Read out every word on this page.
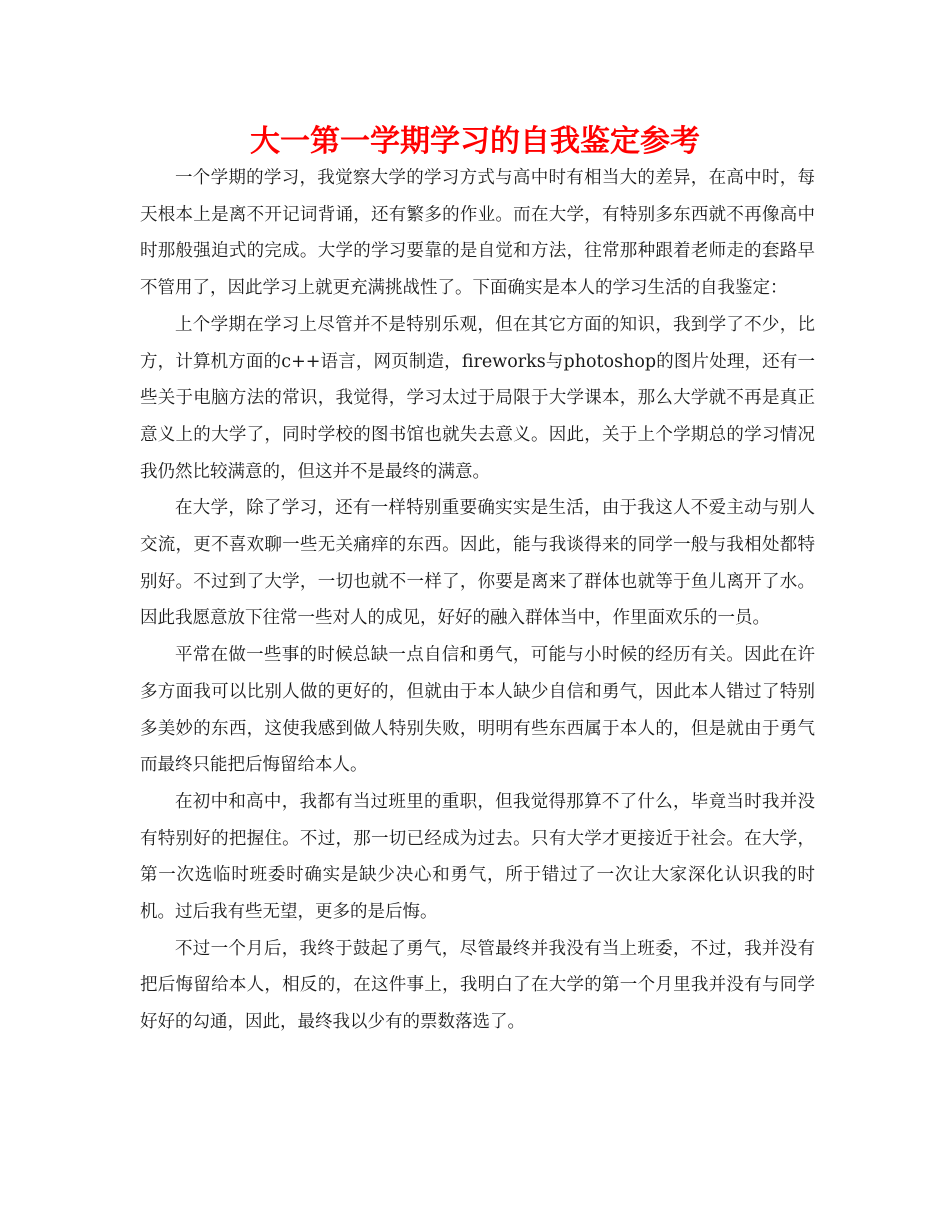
大一第一学期学习的自我鉴定参考

一个学期的学习，我觉察大学的学习方式与高中时有相当大的差异，在高中时，每天根本上是离不开记词背诵，还有繁多的作业。而在大学，有特别多东西就不再像高中时那般强迫式的完成。大学的学习要靠的是自觉和方法，往常那种跟着老师走的套路早不管用了，因此学习上就更充满挑战性了。下面确实是本人的学习生活的自我鉴定：

上个学期在学习上尽管并不是特别乐观，但在其它方面的知识，我到学了不少，比方，计算机方面的c++语言，网页制造，fireworks与photoshop的图片处理，还有一些关于电脑方法的常识，我觉得，学习太过于局限于大学课本，那么大学就不再是真正意义上的大学了，同时学校的图书馆也就失去意义。因此，关于上个学期总的学习情况我仍然比较满意的，但这并不是最终的满意。

在大学，除了学习，还有一样特别重要确实实是生活，由于我这人不爱主动与别人交流，更不喜欢聊一些无关痛痒的东西。因此，能与我谈得来的同学一般与我相处都特别好。不过到了大学，一切也就不一样了，你要是离来了群体也就等于鱼儿离开了水。因此我愿意放下往常一些对人的成见，好好的融入群体当中，作里面欢乐的一员。

平常在做一些事的时候总缺一点自信和勇气，可能与小时候的经历有关。因此在许多方面我可以比别人做的更好的，但就由于本人缺少自信和勇气，因此本人错过了特别多美妙的东西，这使我感到做人特别失败，明明有些东西属于本人的，但是就由于勇气而最终只能把后悔留给本人。

在初中和高中，我都有当过班里的重职，但我觉得那算不了什么，毕竟当时我并没有特别好的把握住。不过，那一切已经成为过去。只有大学才更接近于社会。在大学，第一次选临时班委时确实是缺少决心和勇气，所于错过了一次让大家深化认识我的时机。过后我有些无望，更多的是后悔。

不过一个月后，我终于鼓起了勇气，尽管最终并我没有当上班委，不过，我并没有把后悔留给本人，相反的，在这件事上，我明白了在大学的第一个月里我并没有与同学好好的勾通，因此，最终我以少有的票数落选了。
